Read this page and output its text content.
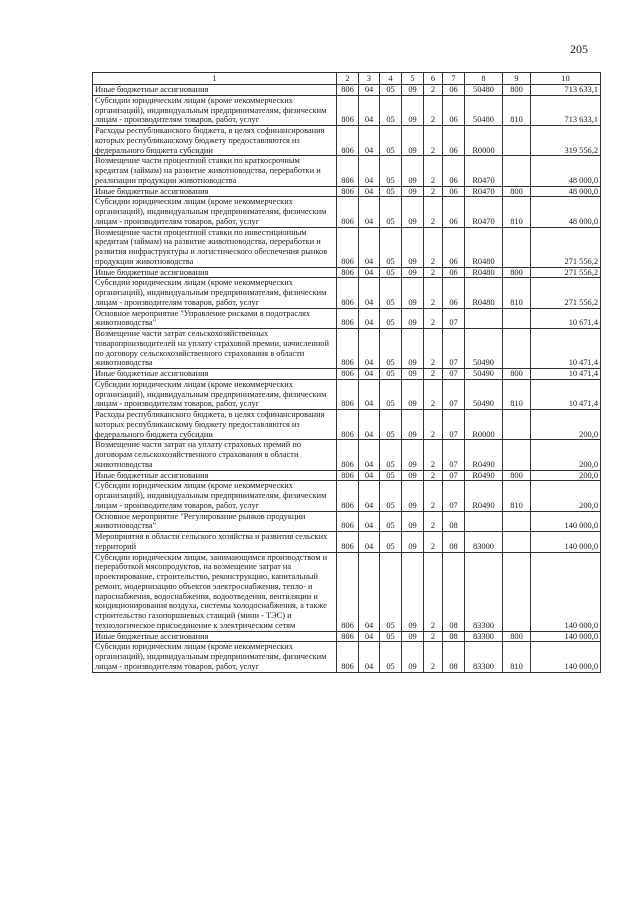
205
1	2	3	4	5	6	7	8	9	10
Иные бюджетные ассигнования	806	04	05	09	2	06	50480	800	713 633,1
Субсидии юридическим лицам (кроме некоммерческих организаций), индивидуальным предпринимателям, физическим лицам - производителям товаров, работ, услуг	806	04	05	09	2	06	50480	810	713 633,1
Расходы республиканского бюджета, в целях софинансирования которых республиканскому бюджету предоставляются из федерального бюджета субсидии	806	04	05	09	2	06	R0000		319 556,2
Возмещение части процентной ставки по краткосрочным кредитам (займам) на развитие животноводства, переработки и реализации продукции животноводства	806	04	05	09	2	06	R0470		48 000,0
Иные бюджетные ассигнования	806	04	05	09	2	06	R0470	800	48 000,0
Субсидии юридическим лицам (кроме некоммерческих организаций), индивидуальным предпринимателям, физическим лицам - производителям товаров, работ, услуг	806	04	05	09	2	06	R0470	810	48 000,0
Возмещение части процентной ставки по инвестиционным кредитам (займам) на развитие животноводства, переработки и развития инфраструктуры и логистического обеспечения рынков продукции животноводства	806	04	05	09	2	06	R0480		271 556,2
Иные бюджетные ассигнования	806	04	05	09	2	06	R0480	800	271 556,2
Субсидии юридическим лицам (кроме некоммерческих организаций), индивидуальным предпринимателям, физическим лицам - производителям товаров, работ, услуг	806	04	05	09	2	06	R0480	810	271 556,2
Основное мероприятие "Управление рисками в подотраслях животноводства"	806	04	05	09	2	07			10 671,4
Возмещение части затрат сельскохозяйственных товаропроизводителей на уплату страховой премии, начисленной по договору сельскохозяйственного страхования в области животноводства	806	04	05	09	2	07	50490		10 471,4
Иные бюджетные ассигнования	806	04	05	09	2	07	50490	800	10 471,4
Субсидии юридическим лицам (кроме некоммерческих организаций), индивидуальным предпринимателям, физическим лицам - производителям товаров, работ, услуг	806	04	05	09	2	07	50490	810	10 471,4
Расходы республиканского бюджета, в целях софинансирования которых республиканскому бюджету предоставляются из федерального бюджета субсидии	806	04	05	09	2	07	R0000		200,0
Возмещение части затрат на уплату страховых премий по договорам сельскохозяйственного страхования в области животноводства	806	04	05	09	2	07	R0490		200,0
Иные бюджетные ассигнования	806	04	05	09	2	07	R0490	800	200,0
Субсидии юридическим лицам (кроме некоммерческих организаций), индивидуальным предпринимателям, физическим лицам - производителям товаров, работ, услуг	806	04	05	09	2	07	R0490	810	200,0
Основное мероприятие "Регулирование рынков продукции животноводства"	806	04	05	09	2	08			140 000,0
Мероприятия в области сельского хозяйства и развития сельских территорий	806	04	05	09	2	08	83000		140 000,0
Субсидии юридическим лицам, занимающимся производством и переработкой мясопродуктов, на возмещение затрат на проектирование, строительство, реконструкцию, капитальный ремонт, модернизацию объектов электроснабжения, тепло- и пароснабжения, водоснабжения, водоотведения, вентиляции и кондиционирования воздуха, системы холодоснабжения, а также строительство газопоршневых станций (мини - ТЭС) и технологическое присоединение к электрическим сетям	806	04	05	09	2	08	83300		140 000,0
Иные бюджетные ассигнования	806	04	05	09	2	08	83300	800	140 000,0
Субсидии юридическим лицам (кроме некоммерческих организаций), индивидуальным предпринимателям, физическим лицам - производителям товаров, работ, услуг	806	04	05	09	2	08	83300	810	140 000,0
